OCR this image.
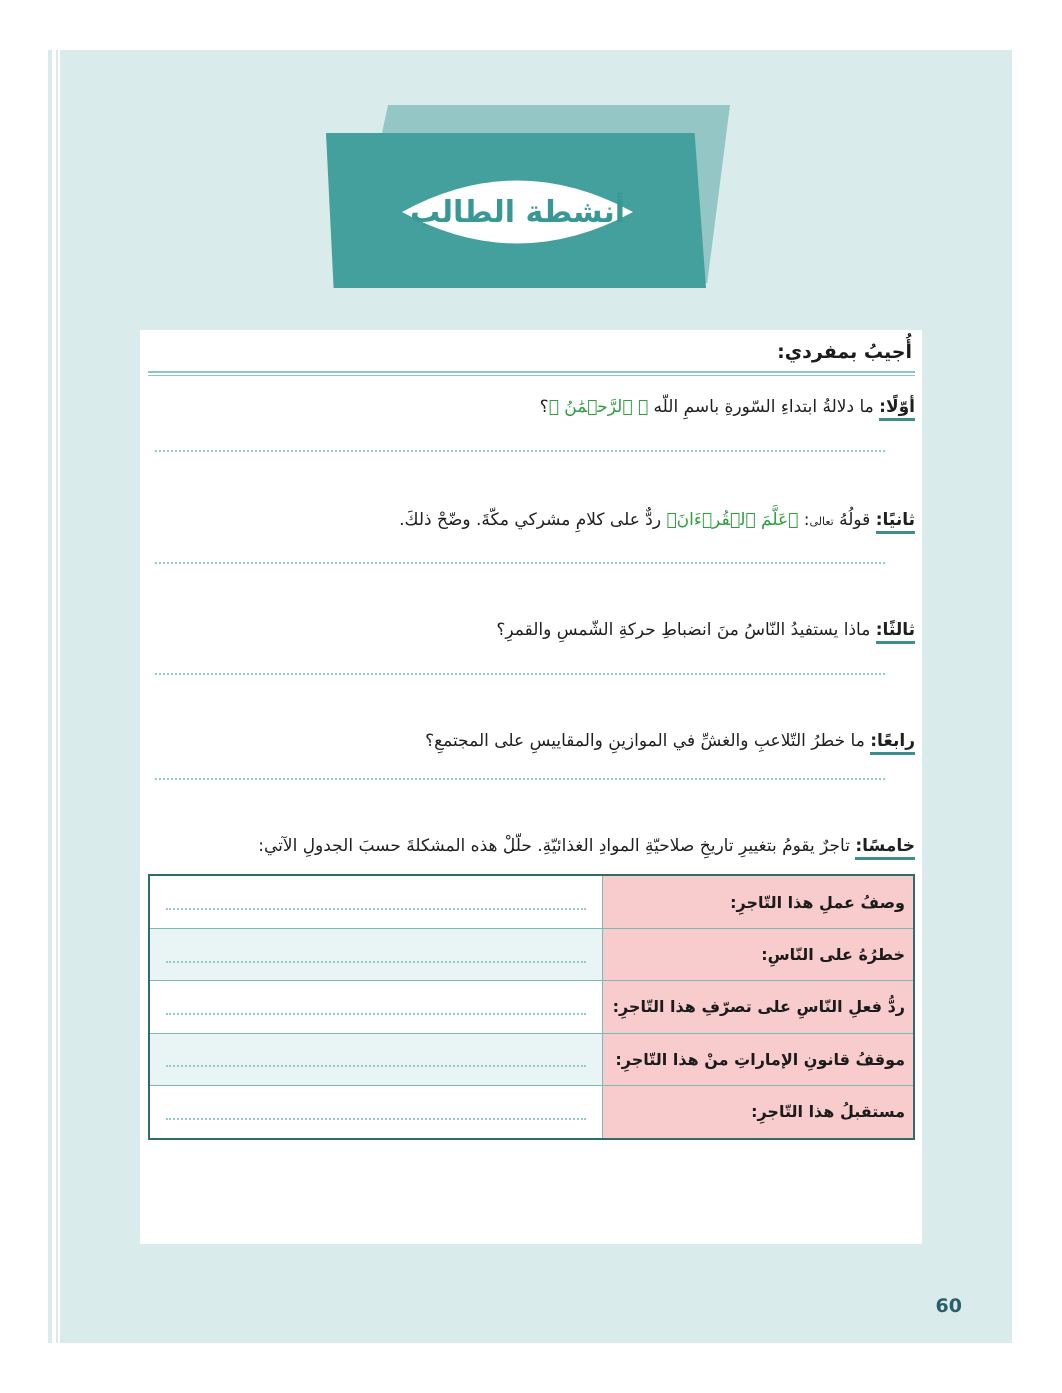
أنشطة الطالب
أُجيبُ بمفردي:
أوّلًا: ما دلالةُ ابتداءِ السّورةِ باسمِ اللّه ﴿ ٱلرَّحۡمَٰنُ ﴾؟
ثانيًا: قولُهُ تعالى: ﴿عَلَّمَ ٱلۡقُرۡءَانَ﴾ ردٌّ على كلامِ مشركي مكّةَ. وضّحْ ذلكَ.
ثالثًا: ماذا يستفيدُ النّاسُ منَ انضباطِ حركةِ الشّمسِ والقمرِ؟
رابعًا: ما خطرُ التّلاعبِ والغشِّ في الموازينِ والمقاييسِ على المجتمعِ؟
خامسًا: تاجرٌ يقومُ بتغييرِ تاريخِ صلاحيّةِ الموادِ الغذائيّةِ. حلّلْ هذه المشكلةَ حسبَ الجدولِ الآتي:
وصفُ عملِ هذا التّاجرِ:	

خطرُهُ على النّاسِ:	

ردُّ فعلِ النّاسِ على تصرّفِ هذا التّاجرِ:	

موقفُ قانونِ الإماراتِ منْ هذا التّاجرِ:	

مستقبلُ هذا التّاجرِ:	
60
